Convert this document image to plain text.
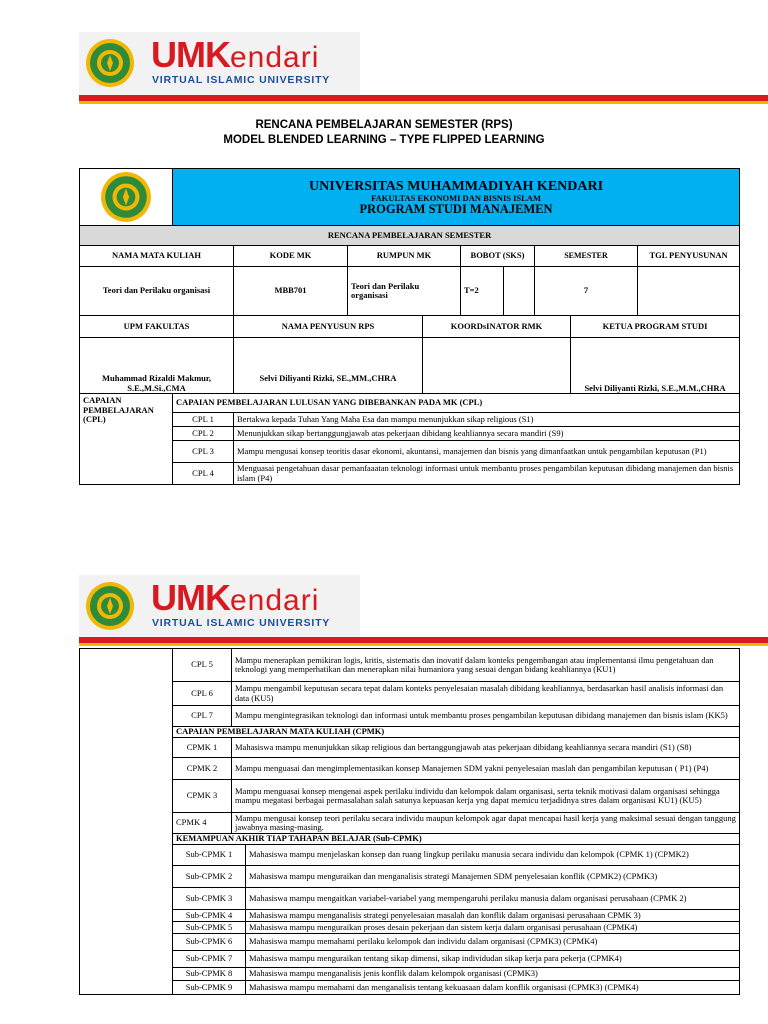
UMKendari
VIRTUAL ISLAMIC UNIVERSITY
RENCANA PEMBELAJARAN SEMESTER (RPS)
MODEL BLENDED LEARNING – TYPE FLIPPED LEARNING

UNIVERSITAS MUHAMMADIYAH KENDARI
FAKULTAS EKONOMI DAN BISNIS ISLAM
PROGRAM STUDI MANAJEMEN								

RENCANA PEMBELAJARAN SEMESTER									
NAMA MATA KULIAH		KODE MK	RUMPUN MK		BOBOT (SKS)		SEMESTER		TGL PENYUSUNAN
Teori dan Perilaku organisasi		MBB701	Teori dan Perilaku organisasi		T=2		7		
UPM FAKULTAS		NAMA PENYUSUN RPS		KOORDsINATOR RMK				KETUA PROGRAM STUDI	
Muhammad Rizaldi Makmur, S.E.,M.Si.,CMA		Selvi Diliyanti Rizki, SE.,MM.,CHRA						Selvi Diliyanti Rizki, S.E.,M.M.,CHRA	
CAPAIAN PEMBELAJARAN (CPL)	CAPAIAN PEMBELAJARAN LULUSAN YANG DIBEBANKAN PADA MK (CPL)								
	CPL 1	Bertakwa kepada Tuhan Yang Maha Esa dan mampu menunjukkan sikap religious (S1)							
	CPL 2	Menunjukkan sikap bertanggungjawab atas pekerjaan dibidang keahliannya secara mandiri (S9)							
	CPL 3	Mampu mengusai konsep teoritis dasar ekonomi, akuntansi, manajemen dan bisnis yang dimanfaatkan untuk pengambilan keputusan (P1)							
	CPL 4	Menguasai pengetahuan dasar pemanfaaatan teknologi informasi untuk membantu proses pengambilan keputusan dibidang manajemen dan bisnis islam (P4)							
UMKendari
VIRTUAL ISLAMIC UNIVERSITY
	CPL 5	Mampu menerapkan pemikiran logis, kritis, sistematis dan inovatif dalam konteks pengembangan atau implementansi ilmu pengetahuan dan teknologi yang memperhatikan dan menerapkan nilai humaniora yang sesuai dengan bidang keahliannya (KU1)	
	CPL 6	Mampu mengambil keputusan secara tepat dalam konteks penyelesaian masalah dibidang keahliannya, berdasarkan hasil analisis informasi dan data (KU5)	
	CPL 7	Mampu mengintegrasikan teknologi dan informasi untuk membantu proses pengambilan keputusan dibidang manajemen dan bisnis islam (KK5)	
	CAPAIAN PEMBELAJARAN MATA KULIAH (CPMK)		
	CPMK 1	Mahasiswa mampu menunjukkan sikap religious dan bertanggungjawab atas pekerjaan dibidang keahliannya secara mandiri (S1) (S8)	
	CPMK 2	Mampu menguasai dan mengimplementasikan konsep Manajemen SDM yakni penyelesaian maslah dan pengambilan keputusan ( P1) (P4)	
	CPMK 3	Mampu menguasai konsep mengenai aspek perilaku individu dan kelompok dalam organisasi, serta teknik motivasi dalam organisasi sehingga mampu megatasi berbagai permasalahan salah satunya kepuasan kerja yng dapat memicu terjadidnya stres dalam organisasi KU1) (KU5)	
	CPMK 4	Mampu mengusai konsep teori perilaku secara individu maupun kelompok agar dapat mencapai hasil kerja yang maksimal sesuai dengan tanggung jawabnya masing-masing.	
	KEMAMPUAN AKHIR TIAP TAHAPAN BELAJAR (Sub-CPMK)		
	Sub-CPMK 1		Mahasiswa mampu menjelaskan konsep dan ruang lingkup perilaku manusia secara individu dan kelompok (CPMK 1) (CPMK2)
	Sub-CPMK 2		Mahasiswa mampu menguraikan dan menganalisis strategi Manajemen SDM penyelesaian konflik (CPMK2) (CPMK3)
	Sub-CPMK 3		Mahasiswa mampu mengaitkan variabel-variabel yang mempengaruhi perilaku manusia dalam organisasi perusahaan (CPMK 2)
	Sub-CPMK 4		Mahasiswa mampu menganalisis strategi penyelesaian masalah dan konflik dalam organisasi perusahaan CPMK 3)
	Sub-CPMK 5		Mahasiswa mampu menguraikan proses desain pekerjaan dan sistem kerja dalam organisasi perusahaan (CPMK4)
	Sub-CPMK 6		Mahasiswa mampu memahami perilaku kelompok dan individu dalam organisasi (CPMK3) (CPMK4)
	Sub-CPMK 7		Mahasiswa mampu menguraikan tentang sikap dimensi, sikap individudan sikap kerja para pekerja (CPMK4)
	Sub-CPMK 8		Mahasiswa mampu menganalisis jenis konflik dalam kelompok organisasi (CPMK3)
	Sub-CPMK 9		Mahasiswa mampu memahami dan menganalisis tentang kekuasaan dalam konflik organisasi (CPMK3) (CPMK4)
